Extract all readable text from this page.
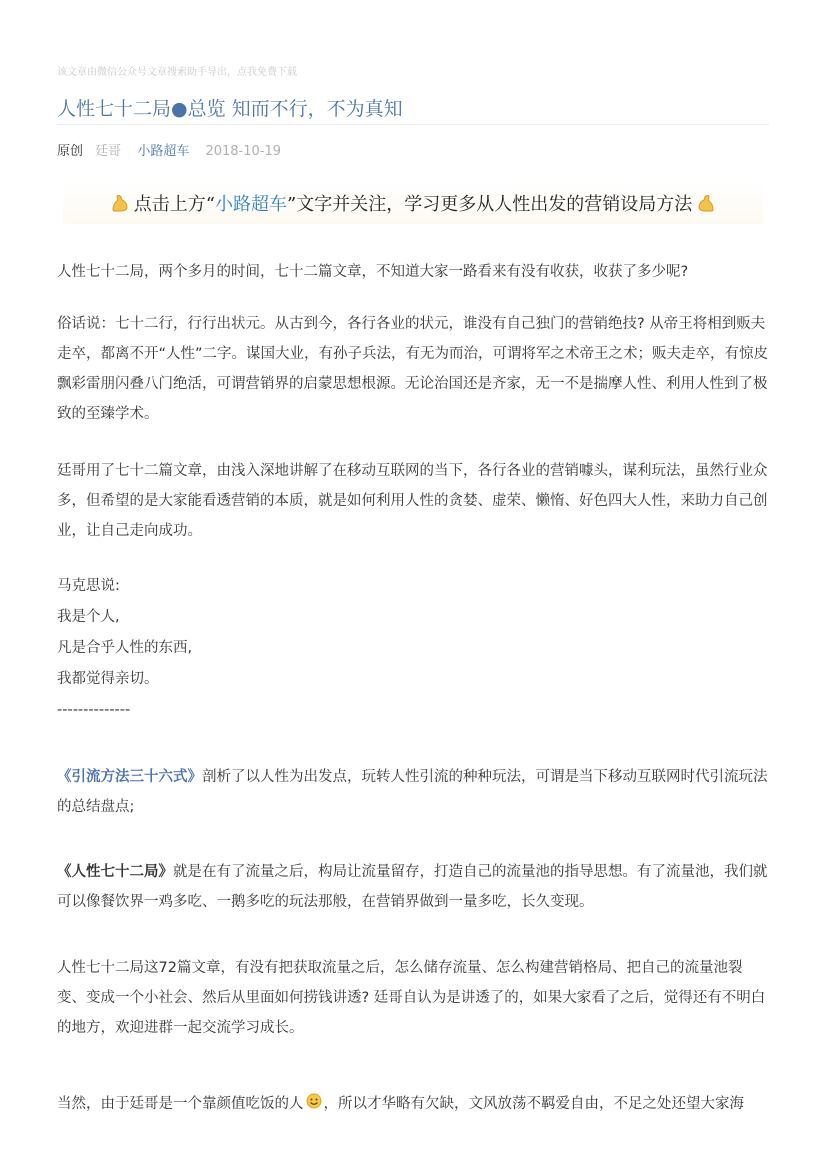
该文章由微信公众号文章搜索助手导出，点我免费下载
人性七十二局●总览 知而不行，不为真知
原创 廷哥 小路超车 2018-10-19
点击上方“ 小路超车 ”文字并关注，学习更多从人性出发的营销设局方法

人性七十二局，两个多月的时间，七十二篇文章，不知道大家一路看来有没有收获，收获了多少呢?

俗话说：七十二行，行行出状元。从古到今，各行各业的状元，谁没有自己独门的营销绝技? 从帝王将相到贩夫走卒，都离不开“人性”二字。谋国大业，有孙子兵法，有无为而治，可谓将军之术帝王之术；贩夫走卒，有惊皮飘彩雷朋闪叠八门绝活，可谓营销界的启蒙思想根源。无论治国还是齐家，无一不是揣摩人性、利用人性到了极致的至臻学术。

廷哥用了七十二篇文章，由浅入深地讲解了在移动互联网的当下，各行各业的营销噱头，谋利玩法，虽然行业众多，但希望的是大家能看透营销的本质，就是如何利用人性的贪婪、虚荣、懒惰、好色四大人性，来助力自己创业，让自己走向成功。

马克思说:

我是个人,

凡是合乎人性的东西,

我都觉得亲切。

--------------

《引流方法三十六式》剖析了以人性为出发点，玩转人性引流的种种玩法，可谓是当下移动互联网时代引流玩法的总结盘点;

《人性七十二局》就是在有了流量之后，构局让流量留存，打造自己的流量池的指导思想。有了流量池，我们就可以像餐饮界一鸡多吃、一鹅多吃的玩法那般，在营销界做到一量多吃，长久变现。

人性七十二局这72篇文章，有没有把获取流量之后，怎么储存流量、怎么构建营销格局、把自己的流量池裂变、变成一个小社会、然后从里面如何捞钱讲透? 廷哥自认为是讲透了的，如果大家看了之后，觉得还有不明白的地方，欢迎进群一起交流学习成长。

当然，由于廷哥是一个靠颜值吃饭的人 ，所以才华略有欠缺，文风放荡不羁爱自由，不足之处还望大家海
